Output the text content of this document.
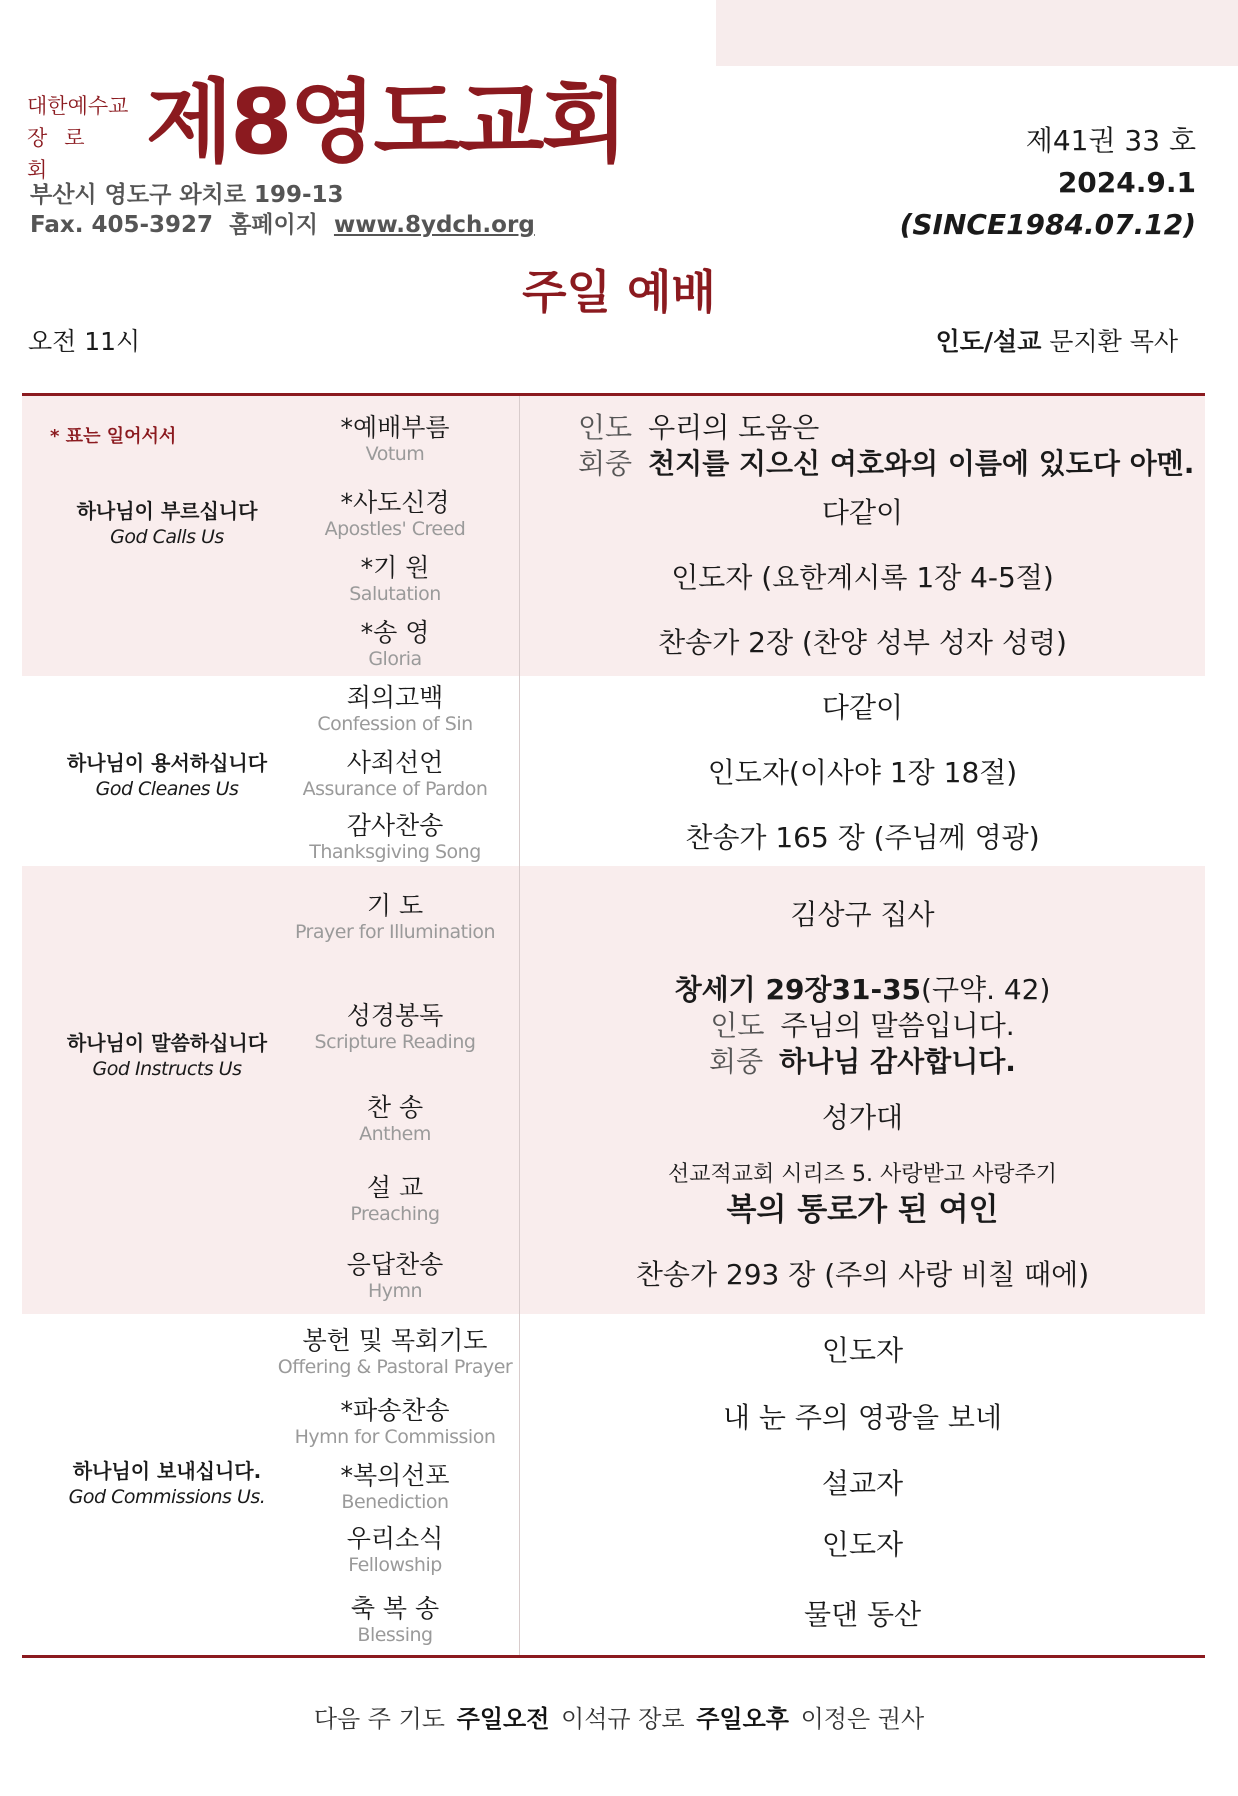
대한예수교
장로회 제8영도교회
부산시 영도구 와치로 199-13
Fax. 405-3927 홈페이지 www.8ydch.org
제41권 33 호
2024.9.1
(SINCE1984.07.12)
주일 예배
오전 11시	인도/설교 문지환 목사
* 표는 일어서서
하나님이 부르십니다
God Calls Us
하나님이 용서하십니다
God Cleanes Us
하나님이 말씀하십니다
God Instructs Us
하나님이 보내십니다.
God Commissions Us.
*예배부름
Votum
*사도신경
Apostles' Creed
*기 원
Salutation
*송 영
Gloria
죄의고백
Confession of Sin
사죄선언
Assurance of Pardon
감사찬송
Thanksgiving Song
기 도
Prayer for Illumination
성경봉독
Scripture Reading
찬 송
Anthem
설 교
Preaching
응답찬송
Hymn
봉헌 및 목회기도
Offering & Pastoral Prayer
*파송찬송
Hymn for Commission
*복의선포
Benediction
우리소식
Fellowship
축 복 송
Blessing
인도 우리의 도움은
회중 천지를 지으신 여호와의 이름에 있도다 아멘.
다같이
인도자 (요한계시록 1장 4-5절)
찬송가 2장 (찬양 성부 성자 성령)
다같이
인도자(이사야 1장 18절)
찬송가 165 장 (주님께 영광)
김상구 집사
창세기 29장31-35(구약. 42)
인도 주님의 말씀입니다.
회중 하나님 감사합니다.
성가대
선교적교회 시리즈 5. 사랑받고 사랑주기
복의 통로가 된 여인
찬송가 293 장 (주의 사랑 비칠 때에)
인도자
내 눈 주의 영광을 보네
설교자
인도자
물댄 동산
다음 주 기도 주일오전 이석규 장로 주일오후 이정은 권사
